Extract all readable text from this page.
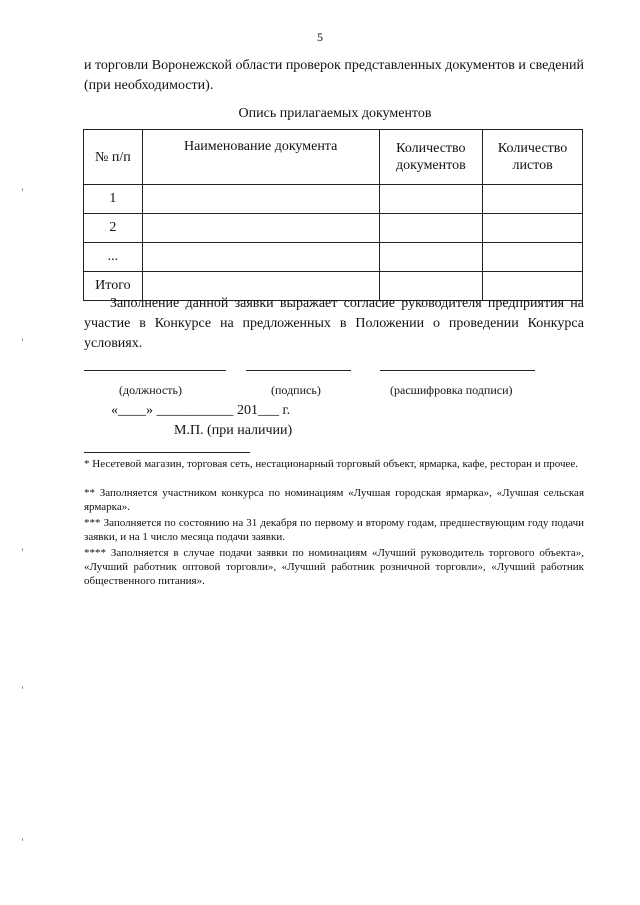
5
и торговли Воронежской области проверок представленных документов и сведений (при необходимости).
Опись прилагаемых документов
№ п/п	Наименование документа	Количество документов	Количество листов
1			
2			
...			
Итого			
Заполнение данной заявки выражает согласие руководителя предприятия на участие в Конкурсе на предложенных в Положении о проведении Конкурса условиях.
(должность)	(подпись)	(расшифровка подписи)
«____» ___________ 201___ г.
М.П. (при наличии)
* Несетевой магазин, торговая сеть, нестационарный торговый объект, ярмарка, кафе, ресторан и прочее.
** Заполняется участником конкурса по номинациям «Лучшая городская ярмарка», «Лучшая сельская ярмарка».
*** Заполняется по состоянию на 31 декабря по первому и второму годам, предшествующим году подачи заявки, и на 1 число месяца подачи заявки.
**** Заполняется в случае подачи заявки по номинациям «Лучший руководитель торгового объекта», «Лучший работник оптовой торговли», «Лучший работник розничной торговли», «Лучший работник общественного питания».
